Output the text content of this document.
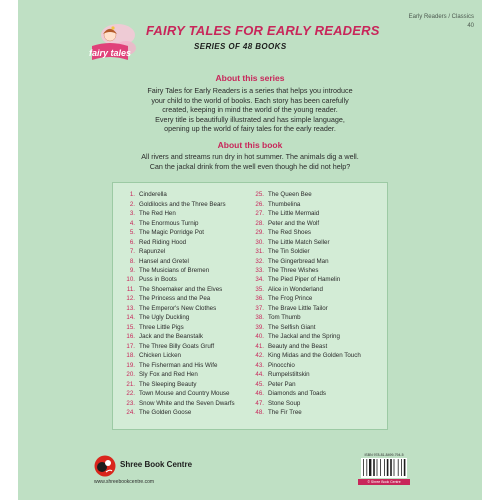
Early Readers / Classics
40
fairy tales
FAIRY TALES FOR EARLY READERS
SERIES OF 48 BOOKS
About this series
Fairy Tales for Early Readers is a series that helps you introduce
your child to the world of books. Each story has been carefully
created, keeping in mind the world of the young reader.
Every title is beautifully illustrated and has simple language,
opening up the world of fairy tales for the early reader.
About this book
All rivers and streams run dry in hot summer. The animals dig a well.
Can the jackal drink from the well even though he did not help?
1. Cinderella
2. Goldilocks and the Three Bears
3. The Red Hen
4. The Enormous Turnip
5. The Magic Porridge Pot
6. Red Riding Hood
7. Rapunzel
8. Hansel and Gretel
9. The Musicians of Bremen
10. Puss in Boots
11. The Shoemaker and the Elves
12. The Princess and the Pea
13. The Emperor's New Clothes
14. The Ugly Duckling
15. Three Little Pigs
16. Jack and the Beanstalk
17. The Three Billy Goats Gruff
18. Chicken Licken
19. The Fisherman and His Wife
20. Sly Fox and Red Hen
21. The Sleeping Beauty
22. Town Mouse and Country Mouse
23. Snow White and the Seven Dwarfs
24. The Golden Goose
25. The Queen Bee
26. Thumbelina
27. The Little Mermaid
28. Peter and the Wolf
29. The Red Shoes
30. The Little Match Seller
31. The Tin Soldier
32. The Gingerbread Man
33. The Three Wishes
34. The Pied Piper of Hamelin
35. Alice in Wonderland
36. The Frog Prince
37. The Brave Little Tailor
38. Tom Thumb
39. The Selfish Giant
40. The Jackal and the Spring
41. Beauty and the Beast
42. King Midas and the Golden Touch
43. Pinocchio
44. Rumpelstiltskin
45. Peter Pan
46. Diamonds and Toads
47. Stone Soup
48. The Fir Tree
Shree Book Centre
www.shreebookcentre.com
ISBN 978-81-8499-794-5
© Shree Book Centre
